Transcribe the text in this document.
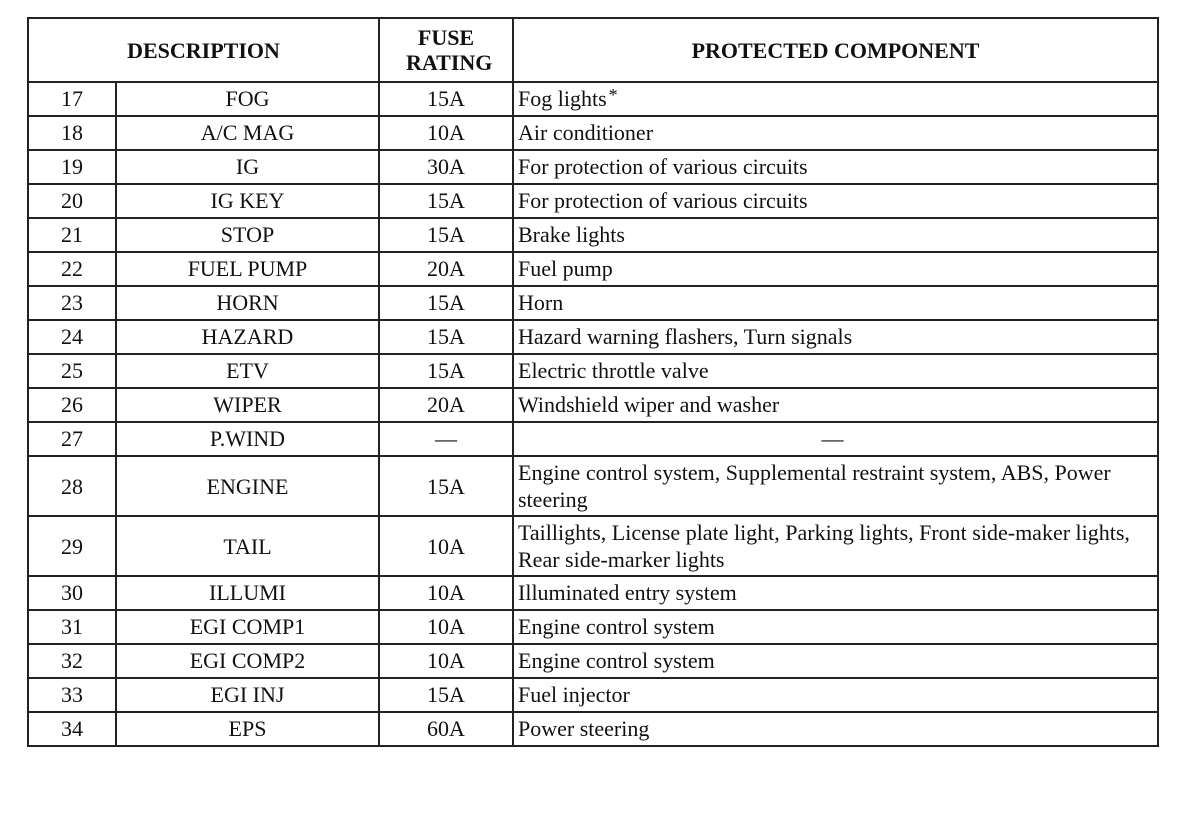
DESCRIPTION		FUSE RATING	PROTECTED COMPONENT
17	FOG	15A	Fog lights *
18	A/C MAG	10A	Air conditioner
19	IG	30A	For protection of various circuits
20	IG KEY	15A	For protection of various circuits
21	STOP	15A	Brake lights
22	FUEL PUMP	20A	Fuel pump
23	HORN	15A	Horn
24	HAZARD	15A	Hazard warning flashers, Turn signals
25	ETV	15A	Electric throttle valve
26	WIPER	20A	Windshield wiper and washer
27	P.WIND	—	—
28	ENGINE	15A	Engine control system, Supplemental restraint system, ABS, Power steering
29	TAIL	10A	Taillights, License plate light, Parking lights, Front side-maker lights, Rear side-marker lights
30	ILLUMI	10A	Illuminated entry system
31	EGI COMP1	10A	Engine control system
32	EGI COMP2	10A	Engine control system
33	EGI INJ	15A	Fuel injector
34	EPS	60A	Power steering
